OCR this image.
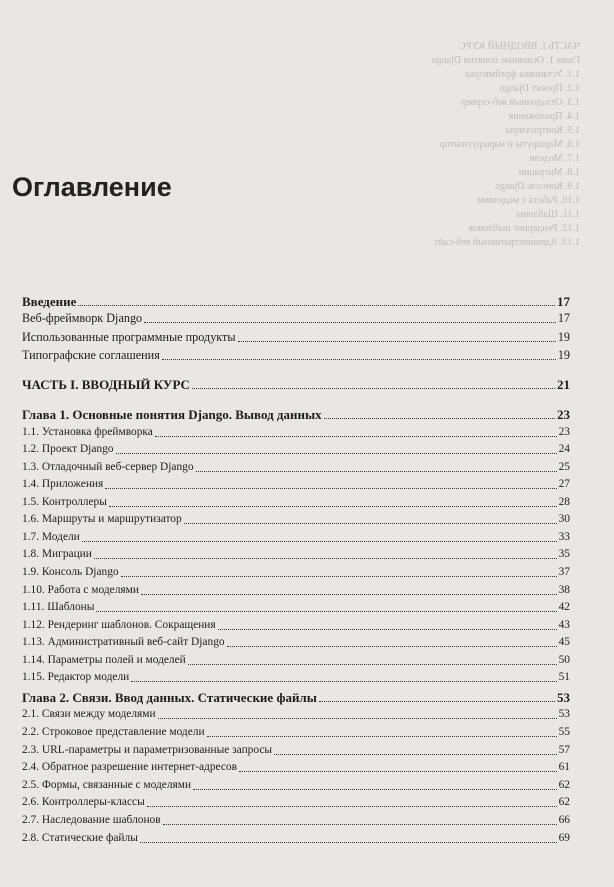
ЧАСТЬ I. ВВОДНЫЙ КУРС
Глава 1. Основные понятия Django
1.1. Установка фреймворка
1.2. Проект Django
1.3. Отладочный веб-сервер
1.4. Приложения
1.5. Контроллеры
1.6. Маршруты и маршрутизатор
1.7. Модели
1.8. Миграции
1.9. Консоль Django
1.10. Работа с моделями
1.11. Шаблоны
1.12. Рендеринг шаблонов
1.13. Административный веб-сайт
Оглавление
Введение	17
Веб-фреймворк Django	17
Использованные программные продукты	19
Типографские соглашения	19
ЧАСТЬ I. ВВОДНЫЙ КУРС	21
Глава 1. Основные понятия Django. Вывод данных	23
1.1. Установка фреймворка	23
1.2. Проект Django	24
1.3. Отладочный веб-сервер Django	25
1.4. Приложения	27
1.5. Контроллеры	28
1.6. Маршруты и маршрутизатор	30
1.7. Модели	33
1.8. Миграции	35
1.9. Консоль Django	37
1.10. Работа с моделями	38
1.11. Шаблоны	42
1.12. Рендеринг шаблонов. Сокращения	43
1.13. Административный веб-сайт Django	45
1.14. Параметры полей и моделей	50
1.15. Редактор модели	51
Глава 2. Связи. Ввод данных. Статические файлы	53
2.1. Связи между моделями	53
2.2. Строковое представление модели	55
2.3. URL-параметры и параметризованные запросы	57
2.4. Обратное разрешение интернет-адресов	61
2.5. Формы, связанные с моделями	62
2.6. Контроллеры-классы	62
2.7. Наследование шаблонов	66
2.8. Статические файлы	69
